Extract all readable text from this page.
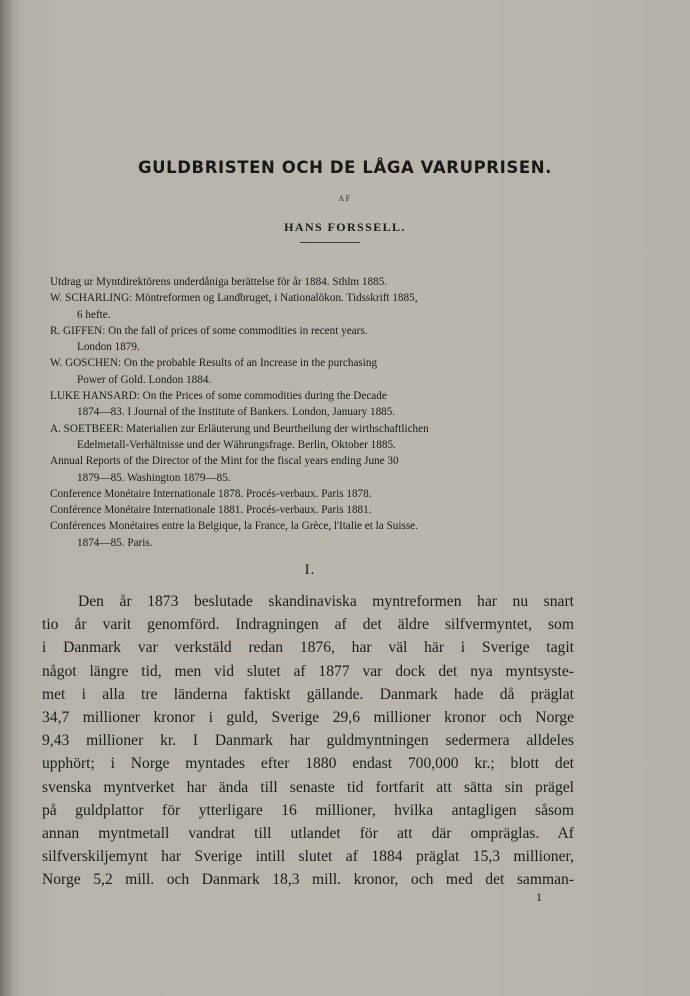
GULDBRISTEN OCH DE LÅGA VARUPRISEN.
AF
HANS FORSSELL.

Utdrag ur Myntdirektörens underdåniga berättelse för år 1884. Sthlm 1885.

W. SCHARLING: Möntreformen og Landbruget, i Nationalökon. Tidsskrift 1885,
6 hefte.

R. GIFFEN: On the fall of prices of some commodities in recent years.
London 1879.

W. GOSCHEN: On the probable Results of an Increase in the purchasing
Power of Gold. London 1884.

LUKE HANSARD: On the Prices of some commodities during the Decade
1874—83. I Journal of the Institute of Bankers. London, January 1885.

A. SOETBEER: Materialien zur Erläuterung und Beurtheilung der wirthschaftlichen
Edelmetall-Verhältnisse und der Währungsfrage. Berlin, Oktober 1885.

Annual Reports of the Director of the Mint for the fiscal years ending June 30
1879—85. Washington 1879—85.

Conference Monétaire Internationale 1878. Procés-verbaux. Paris 1878.

Conférence Monétaire Internationale 1881. Procés-verbaux. Paris 1881.

Conférences Monétaires entre la Belgique, la France, la Grèce, l'Italie et la Suisse.
1874—85. Paris.

I.
Den år 1873 beslutade skandinaviska myntreformen har nu snart
tio år varit genomförd. Indragningen af det äldre silfvermyntet, som
i Danmark var verkstäld redan 1876, har väl här i Sverige tagit
något längre tid, men vid slutet af 1877 var dock det nya myntsyste-
met i alla tre länderna faktiskt gällande. Danmark hade då präglat
34,7 millioner kronor i guld, Sverige 29,6 millioner kronor och Norge
9,43 millioner kr. I Danmark har guldmyntningen sedermera alldeles
upphört; i Norge myntades efter 1880 endast 700,000 kr.; blott det
svenska myntverket har ända till senaste tid fortfarit att sätta sin prägel
på guldplattor för ytterligare 16 millioner, hvilka antagligen såsom
annan myntmetall vandrat till utlandet för att där ompräglas. Af
silfverskiljemynt har Sverige intill slutet af 1884 präglat 15,3 millioner,
Norge 5,2 mill. och Danmark 18,3 mill. kronor, och med det samman-
1
